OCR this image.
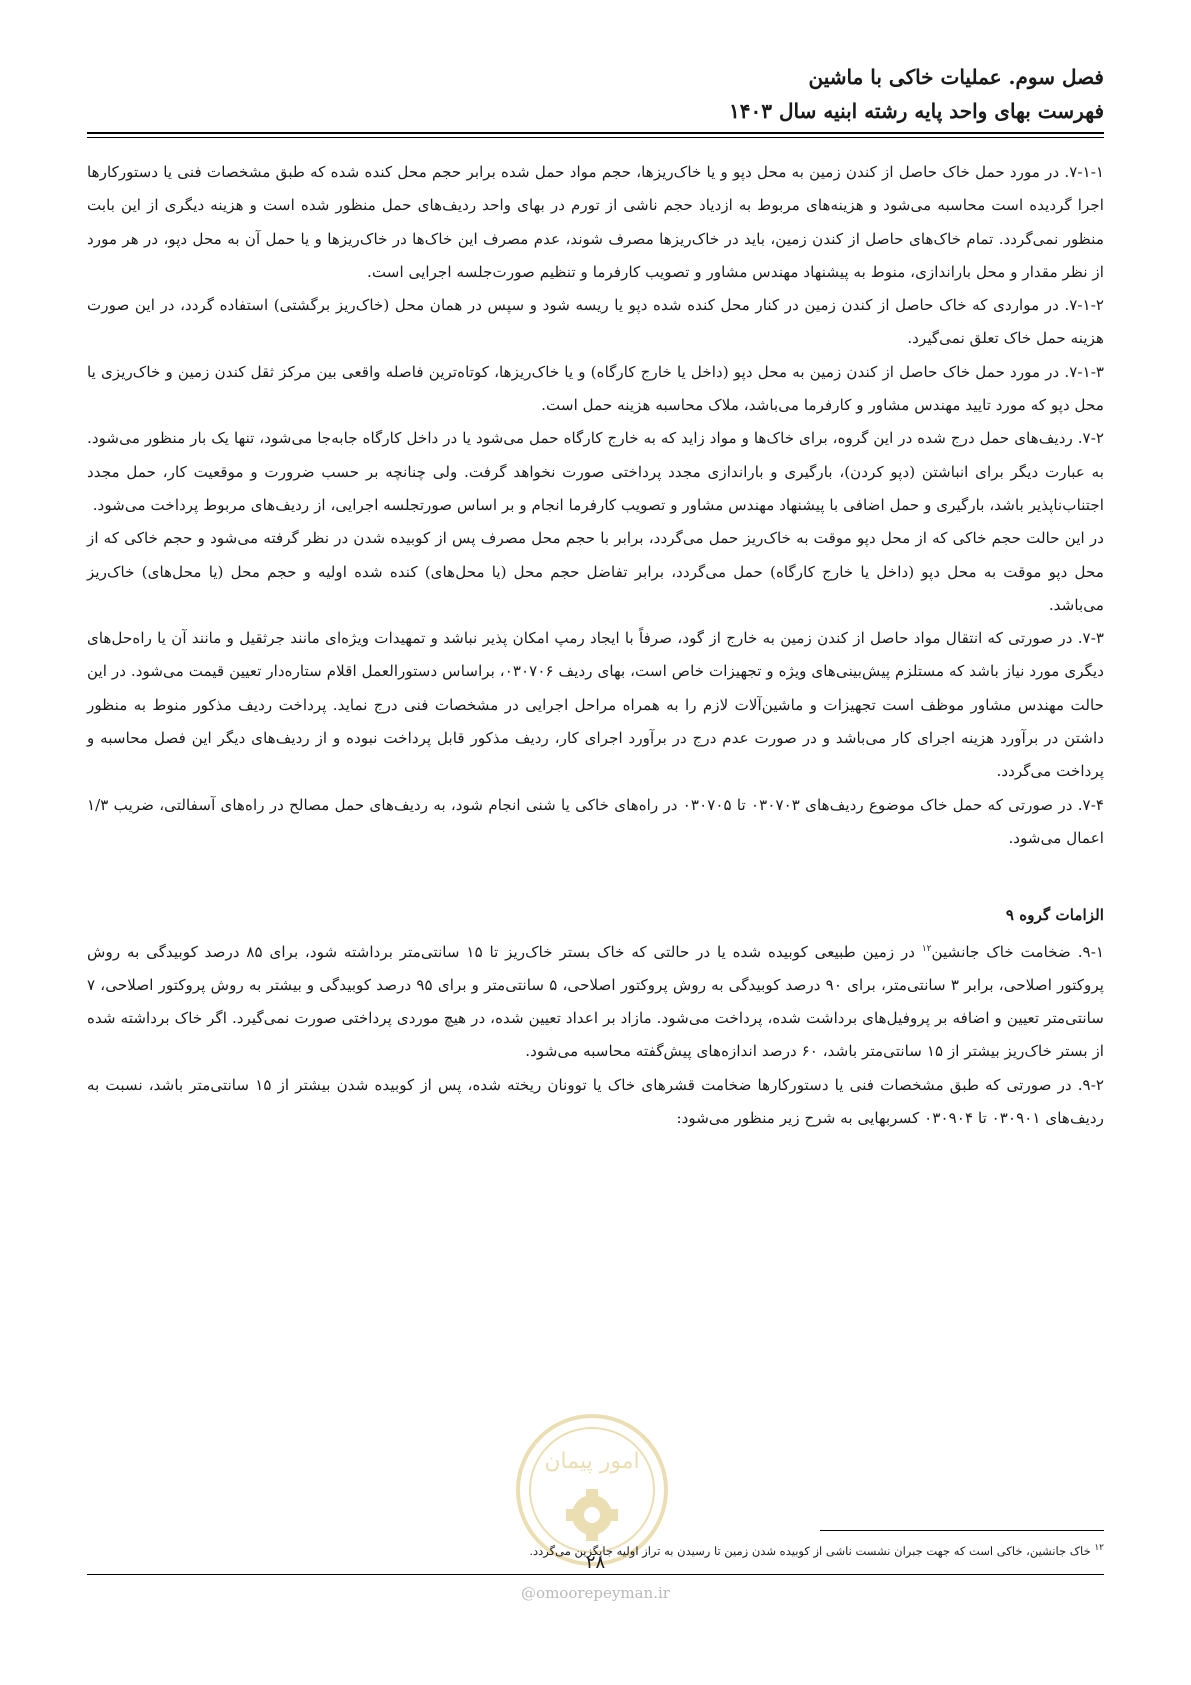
فصل سوم. عملیات خاکی با ماشین
فهرست بهای واحد پایه رشته ابنیه سال ۱۴۰۳

۷-۱-۱. در مورد حمل خاک حاصل از کندن زمین به محل دپو و یا خاک‌ریزها، حجم مواد حمل شده برابر حجم محل کنده شده که طبق مشخصات فنی یا دستورکارها اجرا گردیده است محاسبه می‌شود و هزینه‌های مربوط به ازدیاد حجم ناشی از تورم در بهای واحد ردیف‌های حمل منظور شده است و هزینه دیگری از این بابت منظور نمی‌گردد. تمام خاک‌های حاصل از کندن زمین، باید در خاک‌ریزها مصرف شوند، عدم مصرف این خاک‌ها در خاک‌ریزها و یا حمل آن به محل دپو، در هر مورد از نظر مقدار و محل باراندازی، منوط به پیشنهاد مهندس مشاور و تصویب کارفرما و تنظیم صورت‌جلسه اجرایی است.

۷-۱-۲. در مواردی که خاک حاصل از کندن زمین در کنار محل کنده شده دپو یا ریسه شود و سپس در همان محل (خاک‌ریز برگشتی) استفاده گردد، در این صورت هزینه حمل خاک تعلق نمی‌گیرد.

۷-۱-۳. در مورد حمل خاک حاصل از کندن زمین به محل دپو (داخل یا خارج کارگاه) و یا خاک‌ریزها، کوتاه‌ترین فاصله واقعی بین مرکز ثقل کندن زمین و خاک‌ریزی یا محل دپو که مورد تایید مهندس مشاور و کارفرما می‌باشد، ملاک محاسبه هزینه حمل است.

۷-۲. ردیف‌های حمل درج شده در این گروه، برای خاک‌ها و مواد زاید که به خارج کارگاه حمل می‌شود یا در داخل کارگاه جابه‌جا می‌شود، تنها یک بار منظور می‌شود. به عبارت دیگر برای انباشتن (دپو کردن)، بارگیری و باراندازی مجدد پرداختی صورت نخواهد گرفت. ولی چنانچه بر حسب ضرورت و موقعیت کار، حمل مجدد اجتناب‌ناپذیر باشد، بارگیری و حمل اضافی با پیشنهاد مهندس مشاور و تصویب کارفرما انجام و بر اساس صورتجلسه اجرایی، از ردیف‌های مربوط پرداخت می‌شود.

در این حالت حجم خاکی که از محل دپو موقت به خاک‌ریز حمل می‌گردد، برابر با حجم محل مصرف پس از کوبیده شدن در نظر گرفته می‌شود و حجم خاکی که از محل دپو موقت به محل دپو (داخل یا خارج کارگاه) حمل می‌گردد، برابر تفاضل حجم محل (یا محل‌های) کنده شده اولیه و حجم محل (یا محل‌های) خاک‌ریز می‌باشد.

۷-۳. در صورتی که انتقال مواد حاصل از کندن زمین به خارج از گود، صرفاً با ایجاد رمپ امکان پذیر نباشد و تمهیدات ویژه‌ای مانند جرثقیل و مانند آن یا راه‌حل‌های دیگری مورد نیاز باشد که مستلزم پیش‌بینی‌های ویژه و تجهیزات خاص است، بهای ردیف ۰۳۰۷۰۶، براساس دستورالعمل اقلام ستاره‌دار تعیین قیمت می‌شود. در این حالت مهندس مشاور موظف است تجهیزات و ماشین‌آلات لازم را به همراه مراحل اجرایی در مشخصات فنی درج نماید. پرداخت ردیف مذکور منوط به منظور داشتن در برآورد هزینه اجرای کار می‌باشد و در صورت عدم درج در برآورد اجرای کار، ردیف مذکور قابل پرداخت نبوده و از ردیف‌های دیگر این فصل محاسبه و پرداخت می‌گردد.

۷-۴. در صورتی که حمل خاک موضوع ردیف‌های ۰۳۰۷۰۳ تا ۰۳۰۷۰۵ در راه‌های خاکی یا شنی انجام شود، به ردیف‌های حمل مصالح در راه‌های آسفالتی، ضریب ۱/۳ اعمال می‌شود.

الزامات گروه ۹

۹-۱. ضخامت خاک جانشین$^{۱۲}$ در زمین طبیعی کوبیده شده یا در حالتی که خاک بستر خاک‌ریز تا ۱۵ سانتی‌متر برداشته شود، برای ۸۵ درصد کوبیدگی به روش پروکتور اصلاحی، برابر ۳ سانتی‌متر، برای ۹۰ درصد کوبیدگی به روش پروکتور اصلاحی، ۵ سانتی‌متر و برای ۹۵ درصد کوبیدگی و بیشتر به روش پروکتور اصلاحی، ۷ سانتی‌متر تعیین و اضافه بر پروفیل‌های برداشت شده، پرداخت می‌شود. مازاد بر اعداد تعیین شده، در هیچ موردی پرداختی صورت نمی‌گیرد. اگر خاک برداشته شده از بستر خاک‌ریز بیشتر از ۱۵ سانتی‌متر باشد، ۶۰ درصد اندازه‌های پیش‌گفته محاسبه می‌شود.

۹-۲. در صورتی که طبق مشخصات فنی یا دستورکارها ضخامت قشرهای خاک یا توونان ریخته شده، پس از کوبیده شدن بیشتر از ۱۵ سانتی‌متر باشد، نسبت به ردیف‌های ۰۳۰۹۰۱ تا ۰۳۰۹۰۴ کسربهایی به شرح زیر منظور می‌شود:

امور پیمان
$^{۱۲}$ خاک جانشین، خاکی است که جهت جبران نشست ناشی از کوبیده شدن زمین تا رسیدن به تراز اولیه جایگزین می‌گردد.
۲۸
@omoorepeyman.ir
